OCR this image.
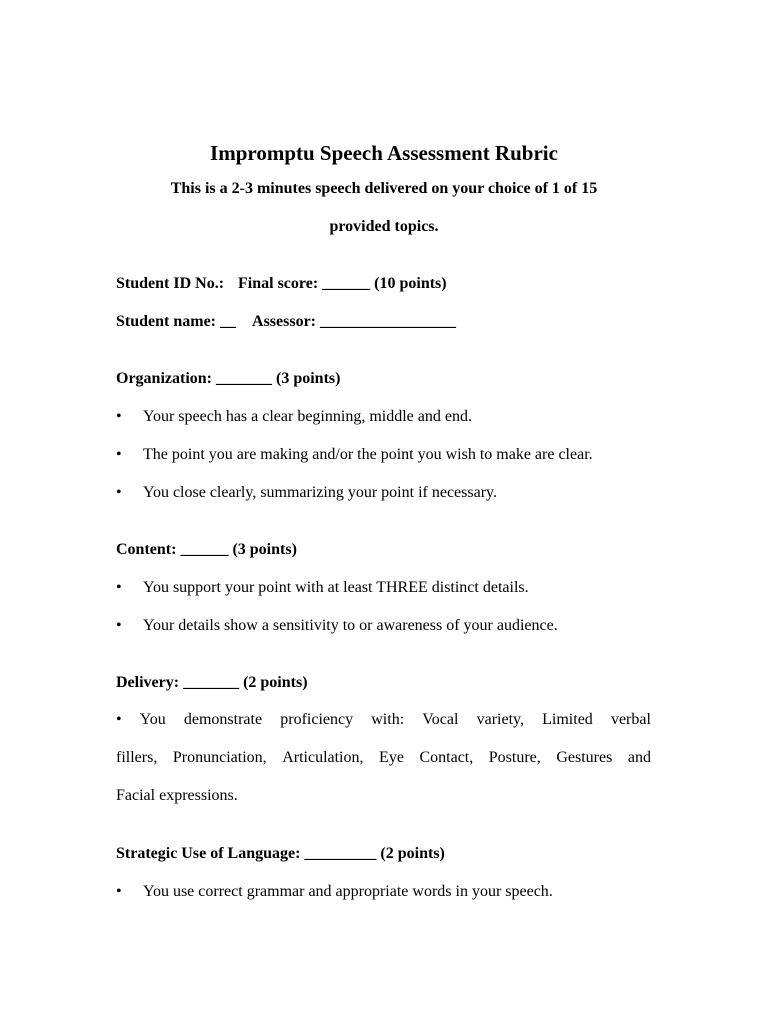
Impromptu Speech Assessment Rubric
This is a 2-3 minutes speech delivered on your choice of 1 of 15
provided topics.
Student ID No.: Final score: ______ (10 points)
Student name: __ Assessor: _________________
Organization: _______ (3 points)
• Your speech has a clear beginning, middle and end.
• The point you are making and/or the point you wish to make are clear.
• You close clearly, summarizing your point if necessary.
Content: ______ (3 points)
• You support your point with at least THREE distinct details.
• Your details show a sensitivity to or awareness of your audience.
Delivery: _______ (2 points)
• You demonstrate proficiency with: Vocal variety, Limited verbal
fillers, Pronunciation, Articulation, Eye Contact, Posture, Gestures and
Facial expressions.
Strategic Use of Language: _________ (2 points)
• You use correct grammar and appropriate words in your speech.
